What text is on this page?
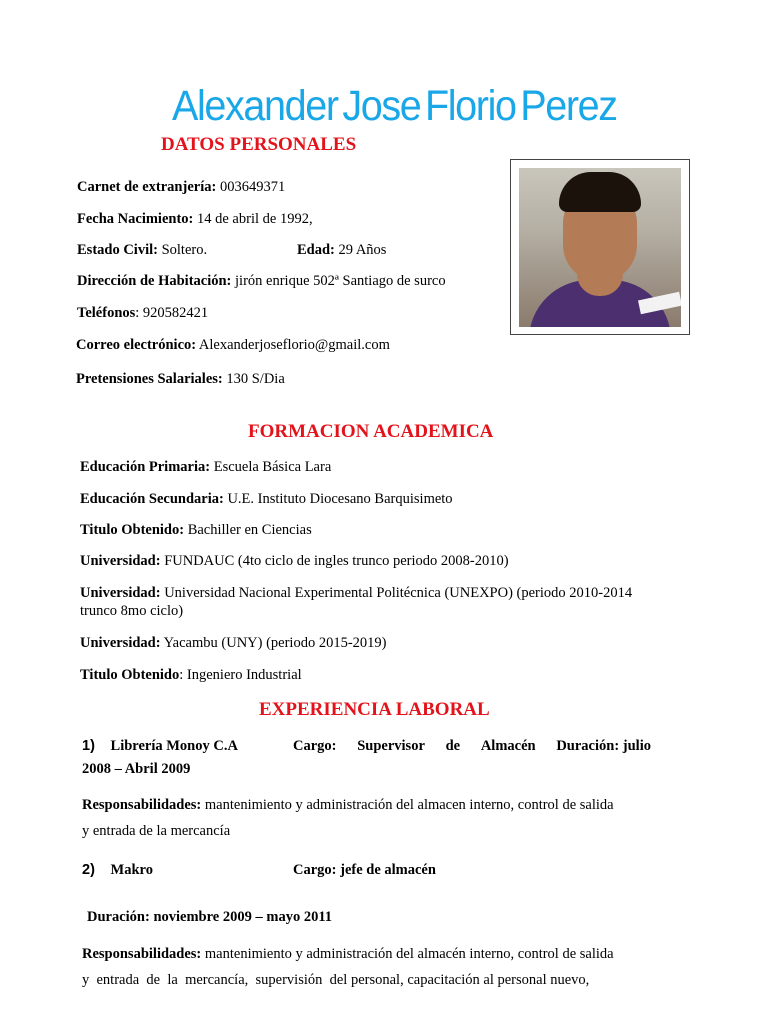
Alexander Jose Florio Perez
DATOS PERSONALES
Carnet de extranjería: 003649371
Fecha Nacimiento: 14 de abril de 1992,
Estado Civil: Soltero.	Edad: 29 Años
Dirección de Habitación: jirón enrique 502ª Santiago de surco
Teléfonos: 920582421
Correo electrónico: Alexanderjoseflorio@gmail.com
Pretensiones Salariales: 130 S/Dia
FORMACION ACADEMICA
Educación Primaria: Escuela Básica Lara
Educación Secundaria: U.E. Instituto Diocesano Barquisimeto
Titulo Obtenido: Bachiller en Ciencias
Universidad: FUNDAUC (4to ciclo de ingles trunco periodo 2008-2010)
Universidad: Universidad Nacional Experimental Politécnica (UNEXPO) (periodo 2010-2014
trunco 8mo ciclo)
Universidad: Yacambu (UNY) (periodo 2015-2019)
Titulo Obtenido: Ingeniero Industrial
EXPERIENCIA LABORAL
1) Librería Monoy C.A	Cargo: Supervisor de Almacén Duración: julio
2008 – Abril 2009
Responsabilidades: mantenimiento y administración del almacen interno, control de salida
y entrada de la mercancía
2) Makro	Cargo: jefe de almacén
Duración: noviembre 2009 – mayo 2011
Responsabilidades: mantenimiento y administración del almacén interno, control de salida
y  entrada  de  la  mercancía,  supervisión  del personal, capacitación al personal nuevo,
